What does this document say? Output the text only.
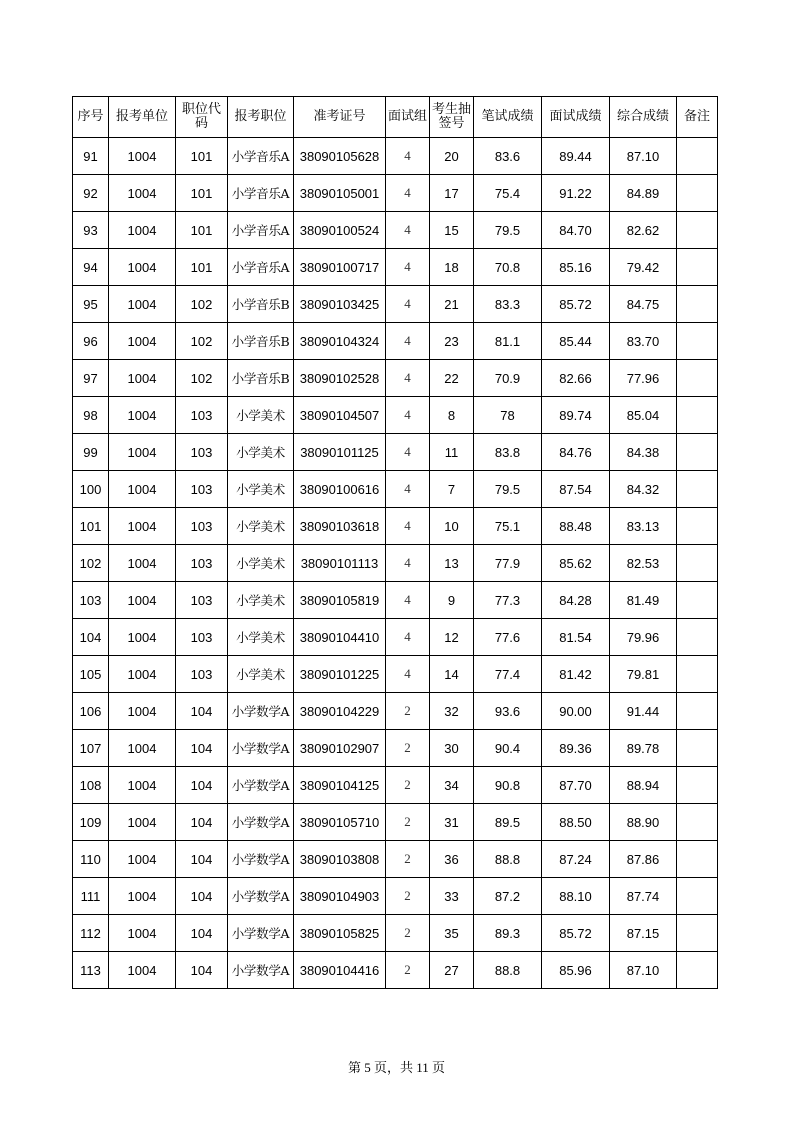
序号	报考单位	职位代码	报考职位	准考证号	面试组	考生抽签号	笔试成绩	面试成绩	综合成绩	备注
91	1004	101	小学音乐A	38090105628	4	20	83.6	89.44	87.10	
92	1004	101	小学音乐A	38090105001	4	17	75.4	91.22	84.89	
93	1004	101	小学音乐A	38090100524	4	15	79.5	84.70	82.62	
94	1004	101	小学音乐A	38090100717	4	18	70.8	85.16	79.42	
95	1004	102	小学音乐B	38090103425	4	21	83.3	85.72	84.75	
96	1004	102	小学音乐B	38090104324	4	23	81.1	85.44	83.70	
97	1004	102	小学音乐B	38090102528	4	22	70.9	82.66	77.96	
98	1004	103	小学美术	38090104507	4	8	78	89.74	85.04	
99	1004	103	小学美术	38090101125	4	11	83.8	84.76	84.38	
100	1004	103	小学美术	38090100616	4	7	79.5	87.54	84.32	
101	1004	103	小学美术	38090103618	4	10	75.1	88.48	83.13	
102	1004	103	小学美术	38090101113	4	13	77.9	85.62	82.53	
103	1004	103	小学美术	38090105819	4	9	77.3	84.28	81.49	
104	1004	103	小学美术	38090104410	4	12	77.6	81.54	79.96	
105	1004	103	小学美术	38090101225	4	14	77.4	81.42	79.81	
106	1004	104	小学数学A	38090104229	2	32	93.6	90.00	91.44	
107	1004	104	小学数学A	38090102907	2	30	90.4	89.36	89.78	
108	1004	104	小学数学A	38090104125	2	34	90.8	87.70	88.94	
109	1004	104	小学数学A	38090105710	2	31	89.5	88.50	88.90	
110	1004	104	小学数学A	38090103808	2	36	88.8	87.24	87.86	
111	1004	104	小学数学A	38090104903	2	33	87.2	88.10	87.74	
112	1004	104	小学数学A	38090105825	2	35	89.3	85.72	87.15	
113	1004	104	小学数学A	38090104416	2	27	88.8	85.96	87.10	
第 5 页，共 11 页
